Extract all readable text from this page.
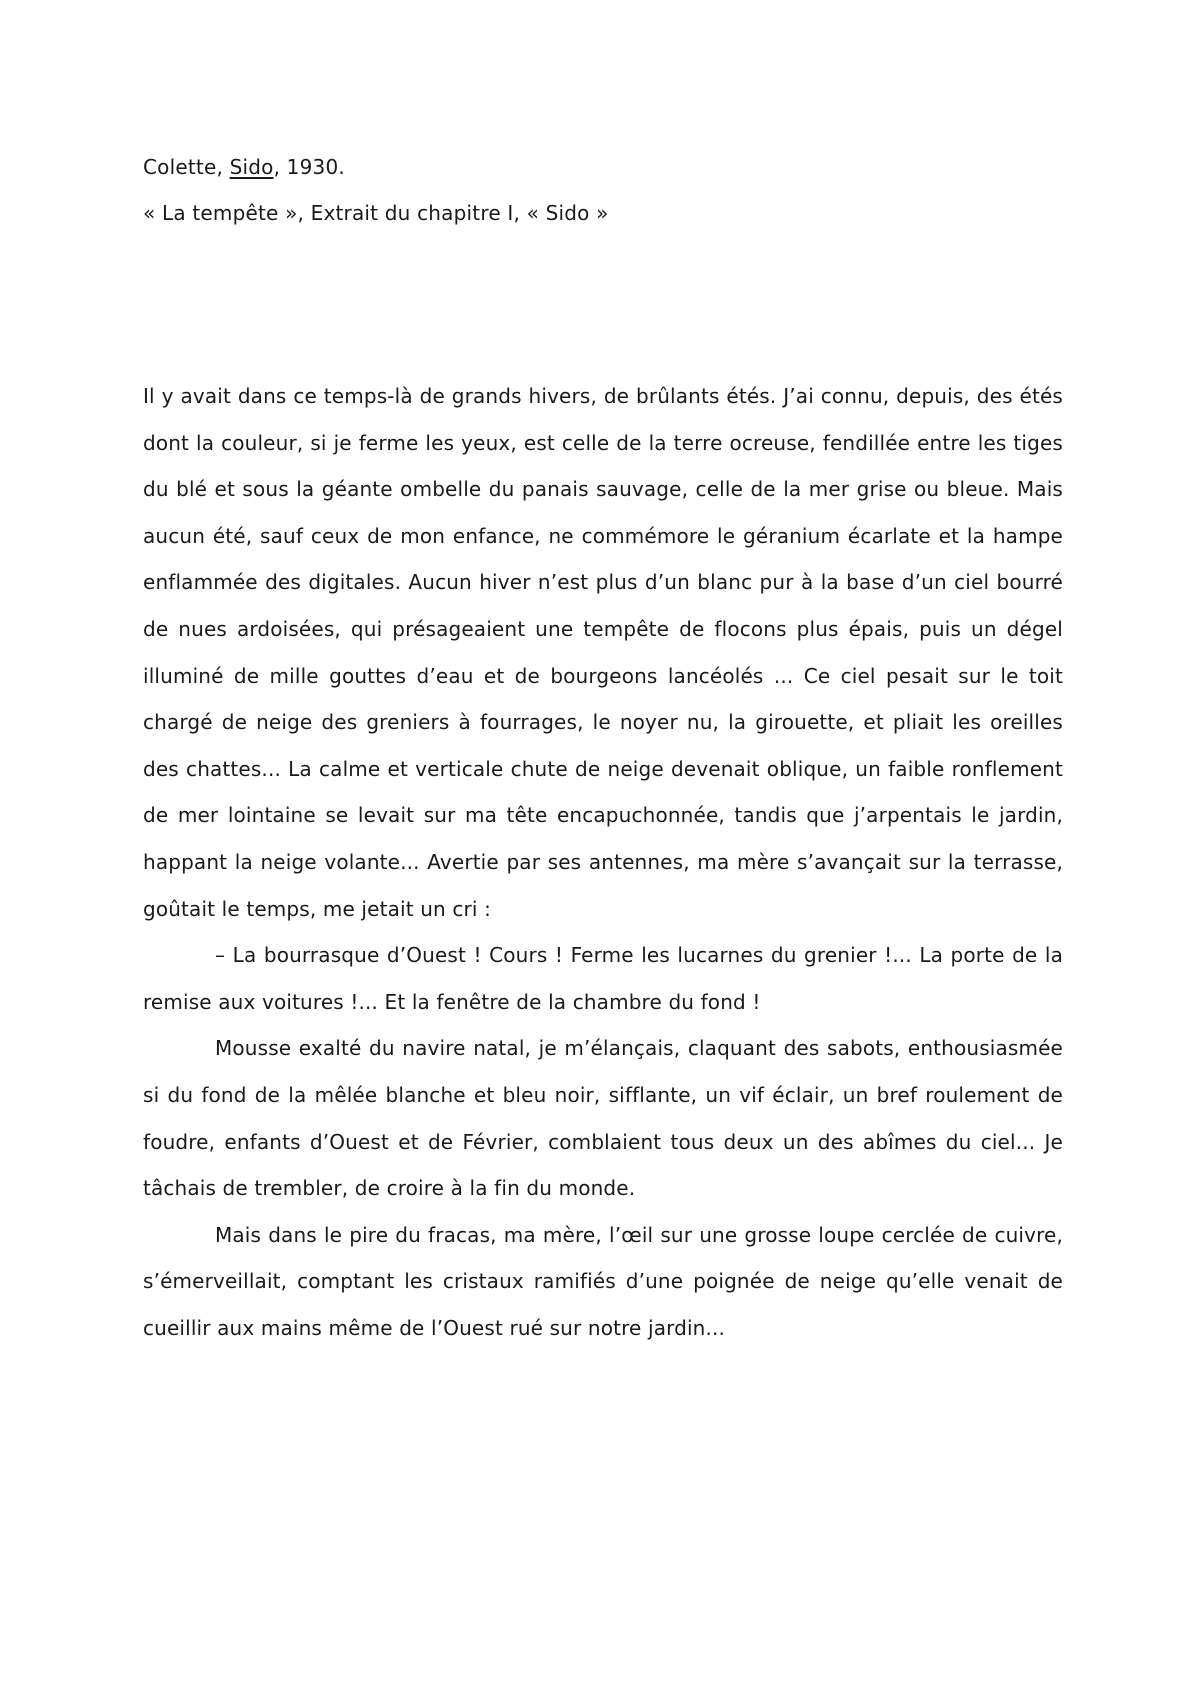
Colette, Sido, 1930.

« La tempête », Extrait du chapitre I, « Sido »

Il y avait dans ce temps-là de grands hivers, de brûlants étés. J’ai connu, depuis, des étés dont la couleur, si je ferme les yeux, est celle de la terre ocreuse, fendillée entre les tiges du blé et sous la géante ombelle du panais sauvage, celle de la mer grise ou bleue. Mais aucun été, sauf ceux de mon enfance, ne commémore le géranium écarlate et la hampe enflammée des digitales. Aucun hiver n’est plus d’un blanc pur à la base d’un ciel bourré de nues ardoisées, qui présageaient une tempête de flocons plus épais, puis un dégel illuminé de mille gouttes d’eau et de bourgeons lancéolés ... Ce ciel pesait sur le toit chargé de neige des greniers à fourrages, le noyer nu, la girouette, et pliait les oreilles des chattes... La calme et verticale chute de neige devenait oblique, un faible ronflement de mer lointaine se levait sur ma tête encapuchonnée, tandis que j’arpentais le jardin, happant la neige volante... Avertie par ses antennes, ma mère s’avançait sur la terrasse, goûtait le temps, me jetait un cri :

– La bourrasque d’Ouest ! Cours ! Ferme les lucarnes du grenier !... La porte de la remise aux voitures !... Et la fenêtre de la chambre du fond !

Mousse exalté du navire natal, je m’élançais, claquant des sabots, enthousiasmée si du fond de la mêlée blanche et bleu noir, sifflante, un vif éclair, un bref roulement de foudre, enfants d’Ouest et de Février, comblaient tous deux un des abîmes du ciel... Je tâchais de trembler, de croire à la fin du monde.

Mais dans le pire du fracas, ma mère, l’œil sur une grosse loupe cerclée de cuivre, s’émerveillait, comptant les cristaux ramifiés d’une poignée de neige qu’elle venait de cueillir aux mains même de l’Ouest rué sur notre jardin...
